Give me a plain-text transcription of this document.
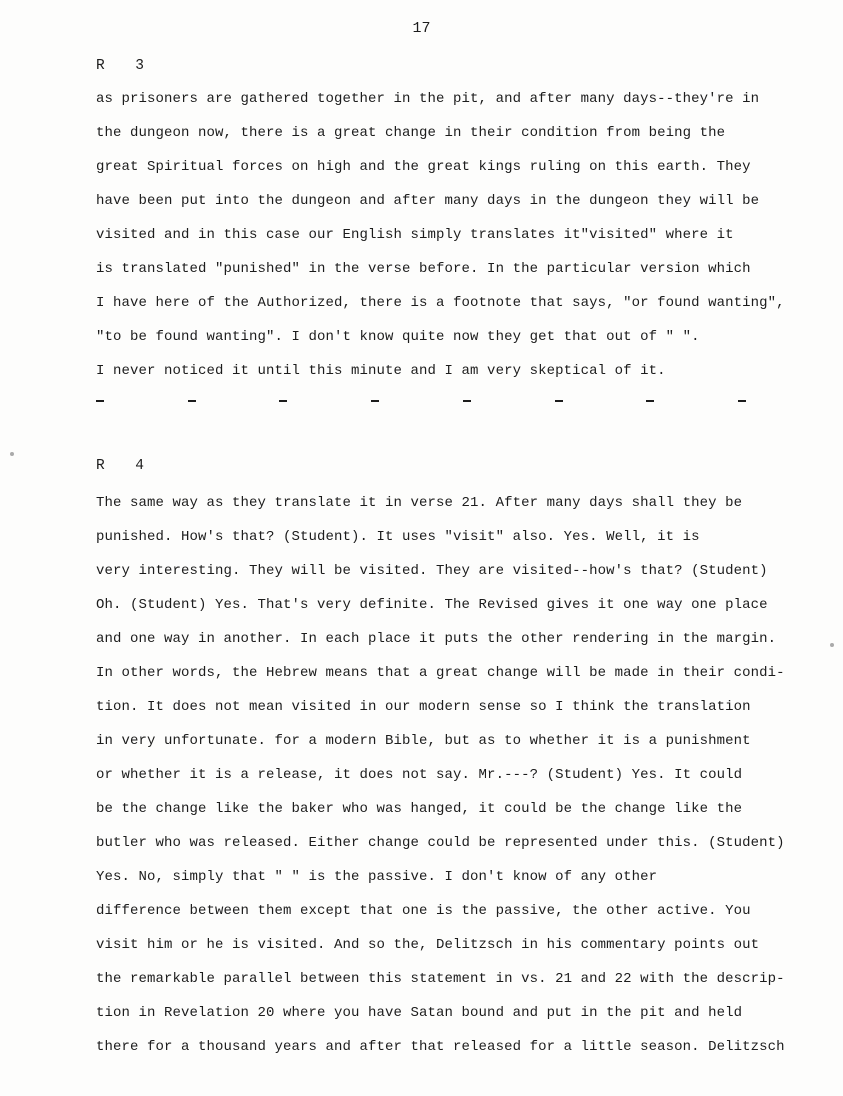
17
R 3
as prisoners are gathered together in the pit, and after many days--they're in
the dungeon now, there is a great change in their condition from being the
great Spiritual forces on high and the great kings ruling on this earth. They
have been put into the dungeon and after many days in the dungeon they will be
visited and in this case our English simply translates it"visited" where it
is translated "punished" in the verse before. In the particular version which
I have here of the Authorized, there is a footnote that says, "or found wanting",
"to be found wanting". I don't know quite now they get that out of " ".
I never noticed it until this minute and I am very skeptical of it.
R 4
The same way as they translate it in verse 21. After many days shall they be
punished. How's that? (Student). It uses "visit" also. Yes. Well, it is
very interesting. They will be visited. They are visited--how's that? (Student)
Oh. (Student) Yes. That's very definite. The Revised gives it one way one place
and one way in another. In each place it puts the other rendering in the margin.
In other words, the Hebrew means that a great change will be made in their condi-
tion. It does not mean visited in our modern sense so I think the translation
in very unfortunate. for a modern Bible, but as to whether it is a punishment
or whether it is a release, it does not say. Mr.---? (Student) Yes. It could
be the change like the baker who was hanged, it could be the change like the
butler who was released. Either change could be represented under this. (Student)
Yes. No, simply that " " is the passive. I don't know of any other
difference between them except that one is the passive, the other active. You
visit him or he is visited. And so the, Delitzsch in his commentary points out
the remarkable parallel between this statement in vs. 21 and 22 with the descrip-
tion in Revelation 20 where you have Satan bound and put in the pit and held
there for a thousand years and after that released for a little season. Delitzsch
